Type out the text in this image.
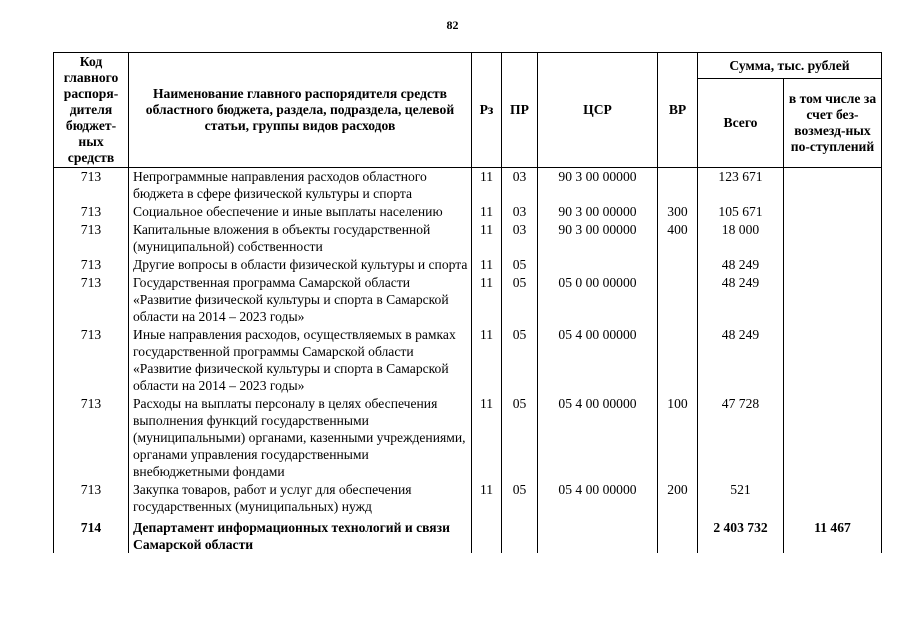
82
Код главного распоря-дителя бюджет-ных средств	Наименование главного распорядителя средств областного бюджета, раздела, подраздела, целевой статьи, группы видов расходов	Рз	ПР	ЦСР	ВР	Сумма, тыс. рублей	
						Всего	в том числе за счет без-возмезд-ных по-ступлений
713	Непрограммные направления расходов областного бюджета в сфере физической культуры и спорта	11	03	90 3 00 00000		123 671	
713	Социальное обеспечение и иные выплаты населению	11	03	90 3 00 00000	300	105 671	
713	Капитальные вложения в объекты государственной (муниципальной) собственности	11	03	90 3 00 00000	400	18 000	
713	Другие вопросы в области физической культуры и спорта	11	05			48 249	
713	Государственная программа Самарской области «Развитие физической культуры и спорта в Самарской области на 2014 – 2023 годы»	11	05	05 0 00 00000		48 249	
713	Иные направления расходов, осуществляемых в рамках государственной программы Самарской области «Развитие физической культуры и спорта в Самарской области на 2014 – 2023 годы»	11	05	05 4 00 00000		48 249	
713	Расходы на выплаты персоналу в целях обеспечения выполнения функций государственными (муниципальными) органами, казенными учреждениями, органами управления государственными внебюджетными фондами	11	05	05 4 00 00000	100	47 728	
713	Закупка товаров, работ и услуг для обеспечения государственных (муниципальных) нужд	11	05	05 4 00 00000	200	521	
714	Департамент информационных технологий и связи Самарской области					2 403 732	11 467
